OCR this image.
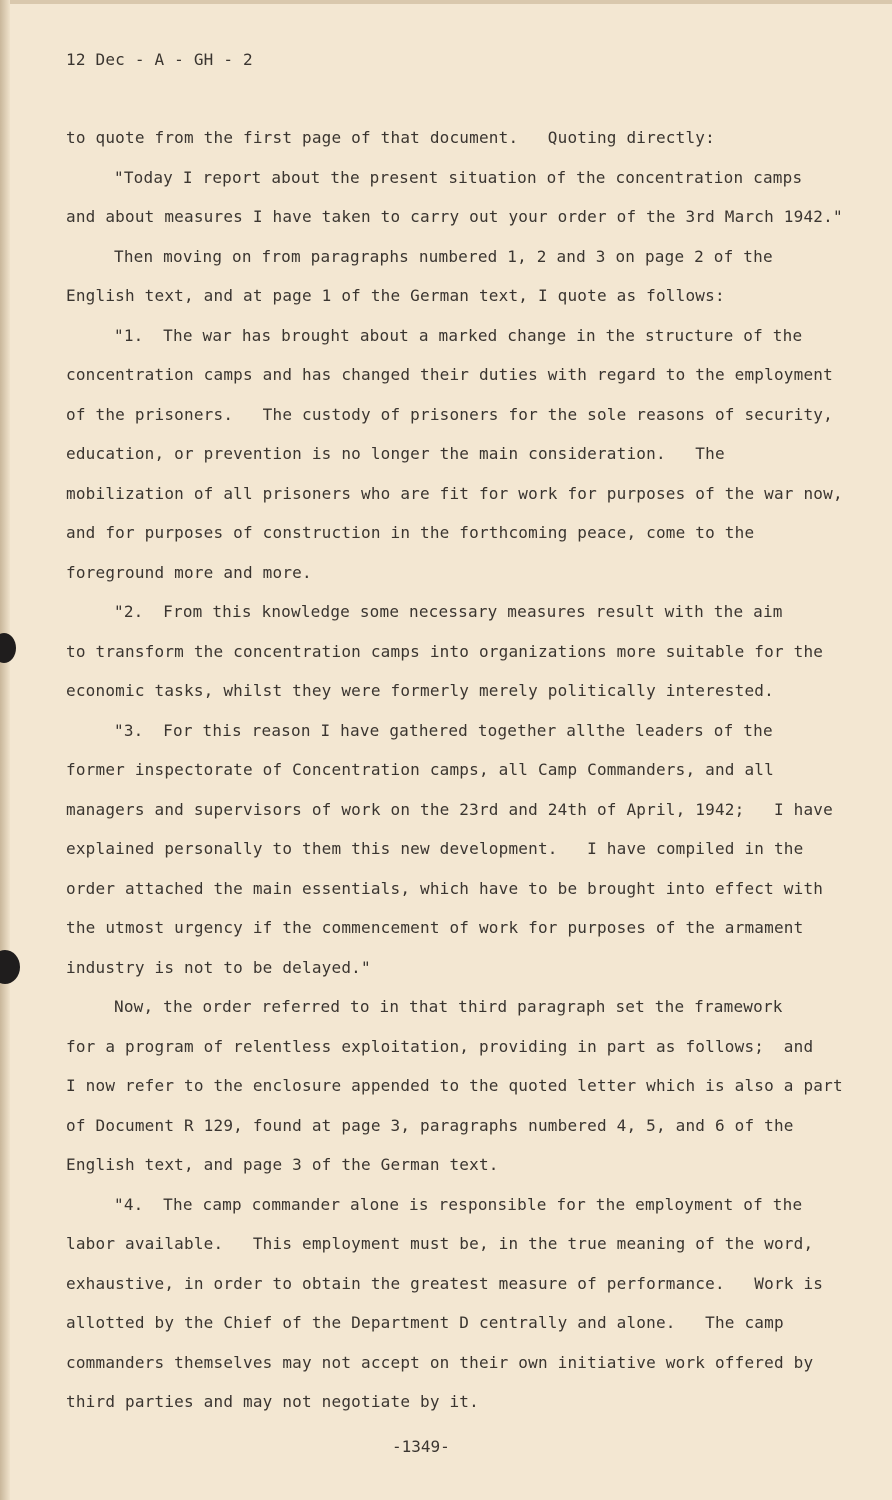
12 Dec - A - GH - 2
to quote from the first page of that document.   Quoting directly:
"Today I report about the present situation of the concentration camps
and about measures I have taken to carry out your order of the 3rd March 1942."
Then moving on from paragraphs numbered 1, 2 and 3 on page 2 of the
English text, and at page 1 of the German text, I quote as follows:
"1.  The war has brought about a marked change in the structure of the
concentration camps and has changed their duties with regard to the employment
of the prisoners.   The custody of prisoners for the sole reasons of security,
education, or prevention is no longer the main consideration.   The
mobilization of all prisoners who are fit for work for purposes of the war now,
and for purposes of construction in the forthcoming peace, come to the
foreground more and more.
"2.  From this knowledge some necessary measures result with the aim
to transform the concentration camps into organizations more suitable for the
economic tasks, whilst they were formerly merely politically interested.
"3.  For this reason I have gathered together allthe leaders of the
former inspectorate of Concentration camps, all Camp Commanders, and all
managers and supervisors of work on the 23rd and 24th of April, 1942;   I have
explained personally to them this new development.   I have compiled in the
order attached the main essentials, which have to be brought into effect with
the utmost urgency if the commencement of work for purposes of the armament
industry is not to be delayed."
Now, the order referred to in that third paragraph set the framework
for a program of relentless exploitation, providing in part as follows;  and
I now refer to the enclosure appended to the quoted letter which is also a part
of Document R 129, found at page 3, paragraphs numbered 4, 5, and 6 of the
English text, and page 3 of the German text.
"4.  The camp commander alone is responsible for the employment of the
labor available.   This employment must be, in the true meaning of the word,
exhaustive, in order to obtain the greatest measure of performance.   Work is
allotted by the Chief of the Department D centrally and alone.   The camp
commanders themselves may not accept on their own initiative work offered by
third parties and may not negotiate by it.
-1349-
